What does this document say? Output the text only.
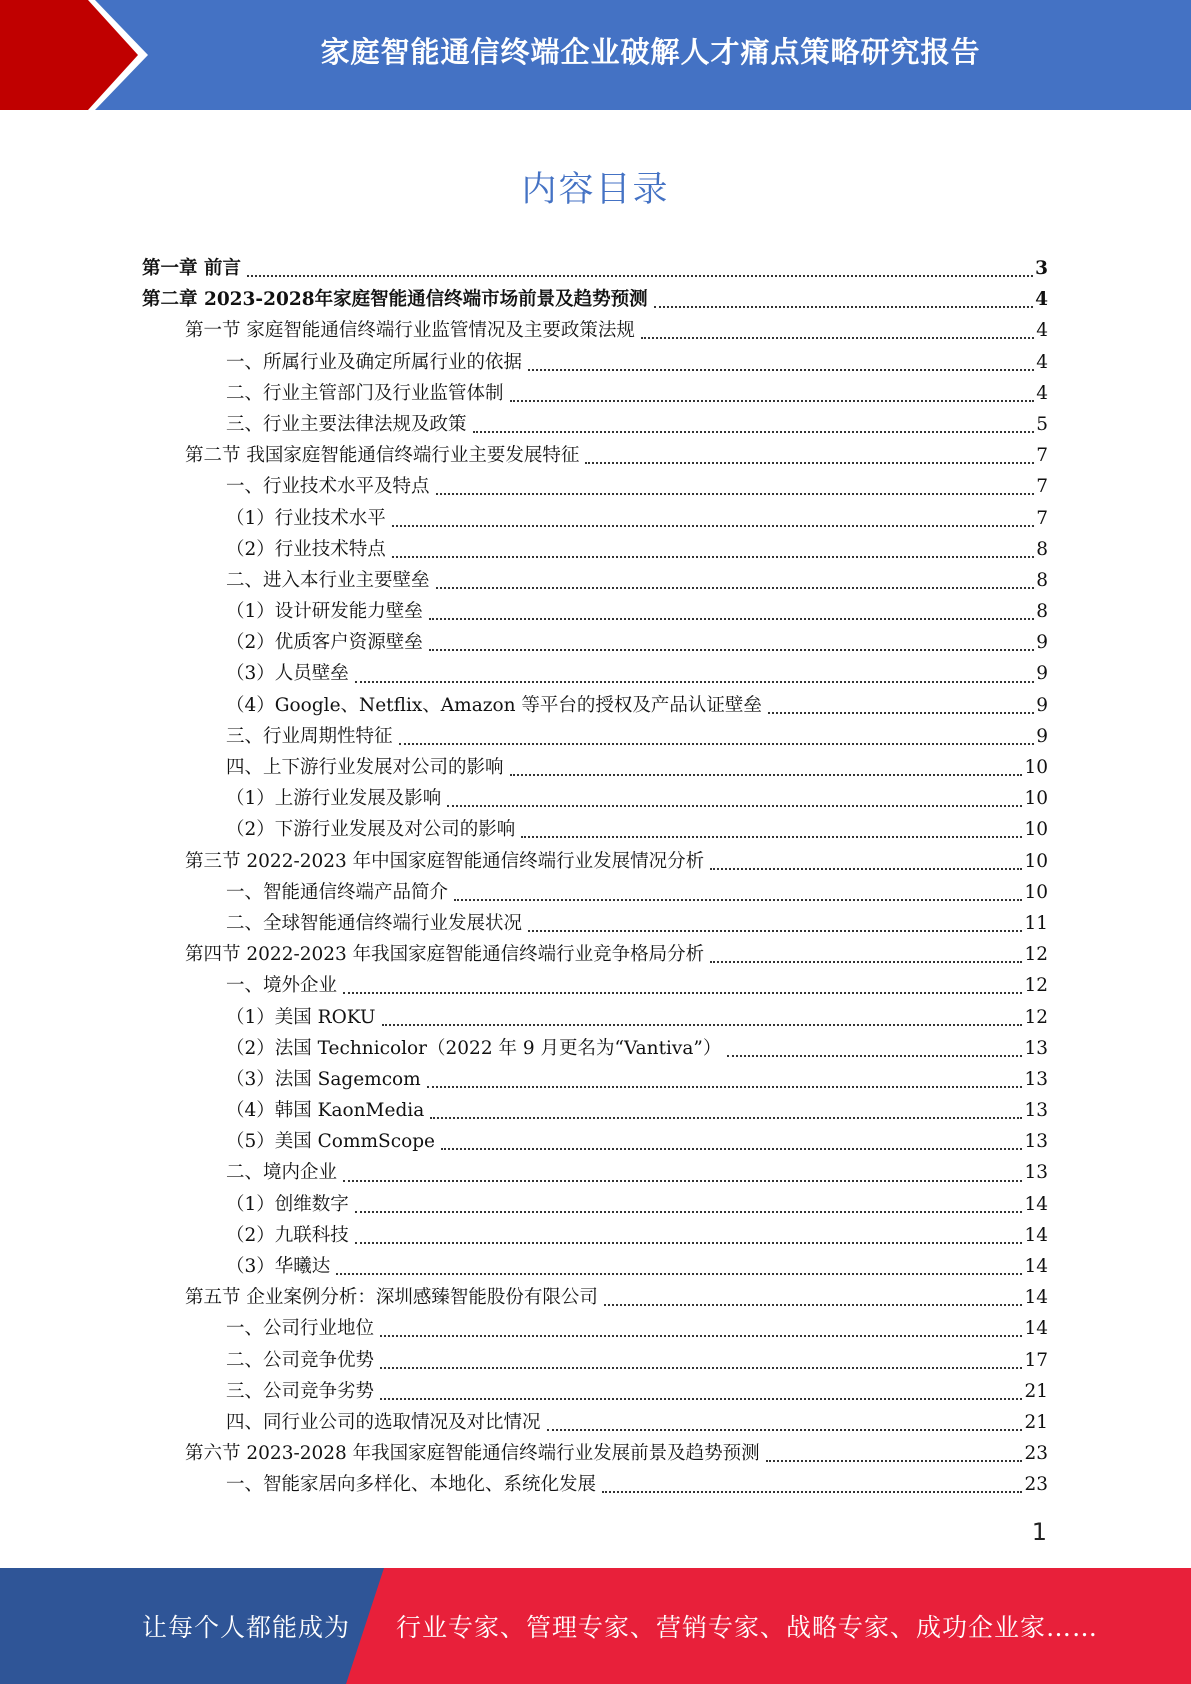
家庭智能通信终端企业破解人才痛点策略研究报告
内容目录
第一章 前言	3
第二章 2023-2028年家庭智能通信终端市场前景及趋势预测	4
第一节 家庭智能通信终端行业监管情况及主要政策法规	4
一、所属行业及确定所属行业的依据	4
二、行业主管部门及行业监管体制	4
三、行业主要法律法规及政策	5
第二节 我国家庭智能通信终端行业主要发展特征	7
一、行业技术水平及特点	7
（1）行业技术水平	7
（2）行业技术特点	8
二、进入本行业主要壁垒	8
（1）设计研发能力壁垒	8
（2）优质客户资源壁垒	9
（3）人员壁垒	9
（4）Google、Netflix、Amazon 等平台的授权及产品认证壁垒	9
三、行业周期性特征	9
四、上下游行业发展对公司的影响	10
（1）上游行业发展及影响	10
（2）下游行业发展及对公司的影响	10
第三节 2022-2023 年中国家庭智能通信终端行业发展情况分析	10
一、智能通信终端产品简介	10
二、全球智能通信终端行业发展状况	11
第四节 2022-2023 年我国家庭智能通信终端行业竞争格局分析	12
一、境外企业	12
（1）美国 ROKU	12
（2）法国 Technicolor（2022 年 9 月更名为“Vantiva”）	13
（3）法国 Sagemcom	13
（4）韩国 KaonMedia	13
（5）美国 CommScope	13
二、境内企业	13
（1）创维数字	14
（2）九联科技	14
（3）华曦达	14
第五节 企业案例分析：深圳感臻智能股份有限公司	14
一、公司行业地位	14
二、公司竞争优势	17
三、公司竞争劣势	21
四、同行业公司的选取情况及对比情况	21
第六节 2023-2028 年我国家庭智能通信终端行业发展前景及趋势预测	23
一、智能家居向多样化、本地化、系统化发展	23
1
让每个人都能成为 行业专家、管理专家、营销专家、战略专家、成功企业家……
